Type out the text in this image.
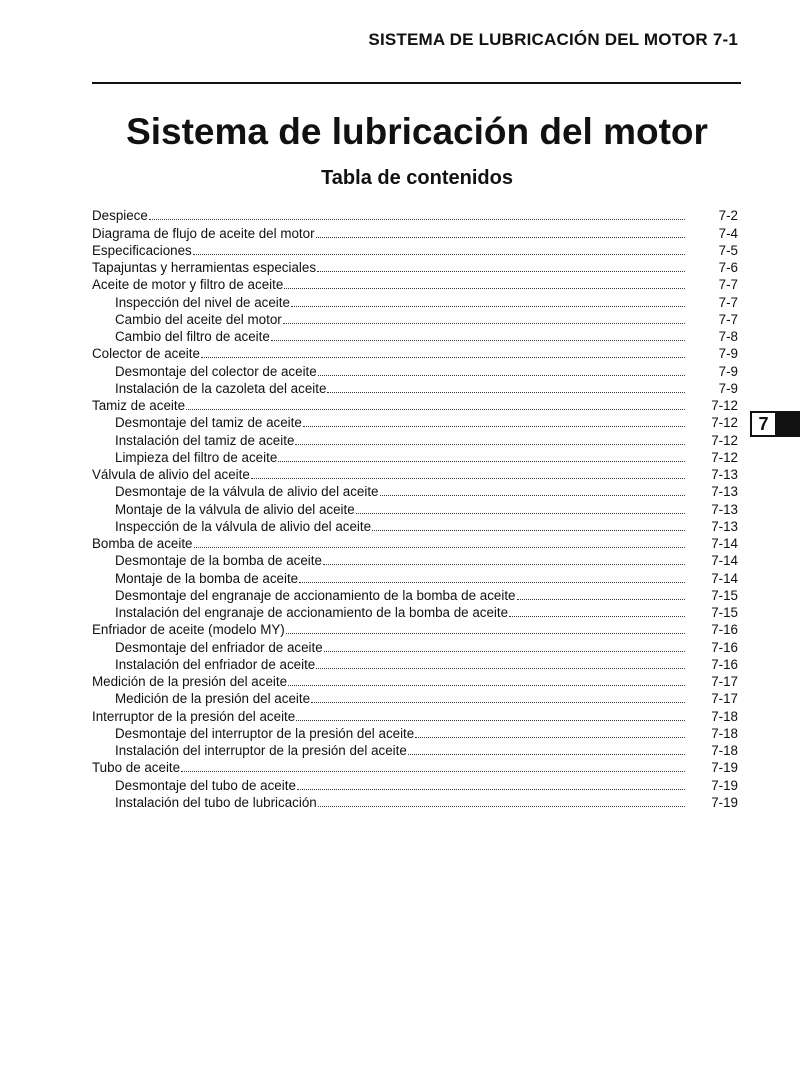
SISTEMA DE LUBRICACIÓN DEL MOTOR 7-1
Sistema de lubricación del motor
Tabla de contenidos
Despiece	7-2
Diagrama de flujo de aceite del motor	7-4
Especificaciones	7-5
Tapajuntas y herramientas especiales	7-6
Aceite de motor y filtro de aceite	7-7
Inspección del nivel de aceite	7-7
Cambio del aceite del motor	7-7
Cambio del filtro de aceite	7-8
Colector de aceite	7-9
Desmontaje del colector de aceite	7-9
Instalación de la cazoleta del aceite	7-9
Tamiz de aceite	7-12
Desmontaje del tamiz de aceite	7-12
Instalación del tamiz de aceite	7-12
Limpieza del filtro de aceite	7-12
Válvula de alivio del aceite	7-13
Desmontaje de la válvula de alivio del aceite	7-13
Montaje de la válvula de alivio del aceite	7-13
Inspección de la válvula de alivio del aceite	7-13
Bomba de aceite	7-14
Desmontaje de la bomba de aceite	7-14
Montaje de la bomba de aceite	7-14
Desmontaje del engranaje de accionamiento de la bomba de aceite	7-15
Instalación del engranaje de accionamiento de la bomba de aceite	7-15
Enfriador de aceite (modelo MY)	7-16
Desmontaje del enfriador de aceite	7-16
Instalación del enfriador de aceite	7-16
Medición de la presión del aceite	7-17
Medición de la presión del aceite	7-17
Interruptor de la presión del aceite	7-18
Desmontaje del interruptor de la presión del aceite	7-18
Instalación del interruptor de la presión del aceite	7-18
Tubo de aceite	7-19
Desmontaje del tubo de aceite	7-19
Instalación del tubo de lubricación	7-19
7
